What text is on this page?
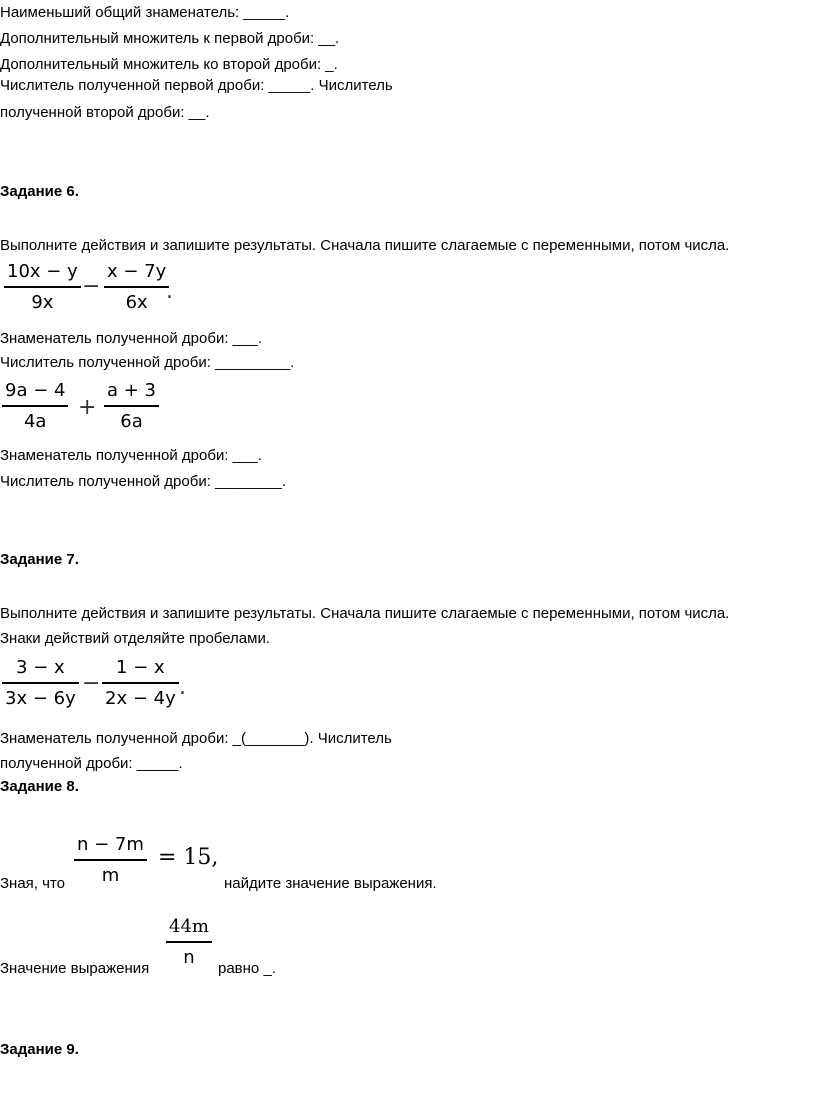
Наименьший общий знаменатель: _____.
Дополнительный множитель к первой дроби: __.
Дополнительный множитель ко второй дроби: _.
Числитель полученной первой дроби: _____. Числитель
полученной второй дроби: __.
Задание 6.
Выполните действия и запишите результаты. Сначала пишите слагаемые с переменными, потом числа.
10x − y
9x
−
x − 7y
6x .
Знаменатель полученной дроби: ___.
Числитель полученной дроби: _________.
9a − 4
4a
+
a + 3
6a
Знаменатель полученной дроби: ___.
Числитель полученной дроби: ________.
Задание 7.
Выполните действия и запишите результаты. Сначала пишите слагаемые с переменными, потом числа.
Знаки действий отделяйте пробелами.
3 − x
3x − 6y
−
1 − x
2x − 4y .
Знаменатель полученной дроби: _(_______). Числитель
полученной дроби: _____.
Задание 8.
Зная, что
n − 7m
m
= 15,
найдите значение выражения.
Значение выражения
44m
n
равно _.
Задание 9.
